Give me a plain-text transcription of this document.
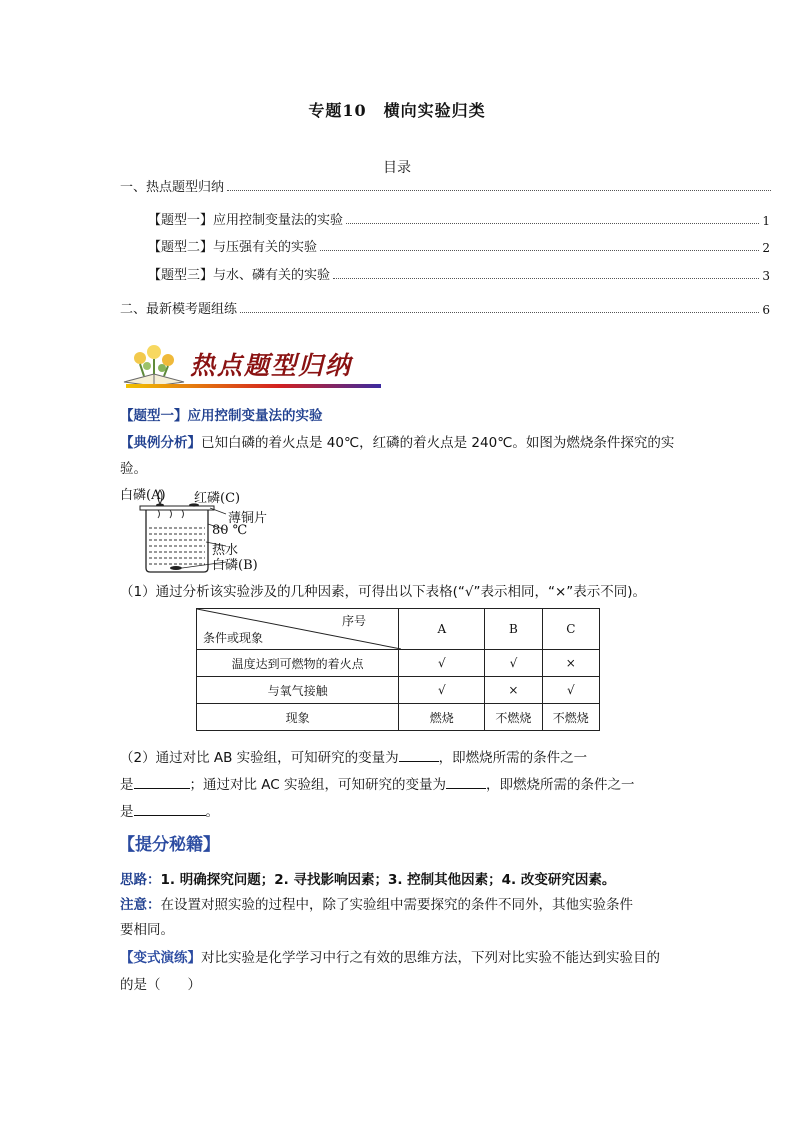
专题10　横向实验归类
目录
一、热点题型归纳
【题型一】应用控制变量法的实验	1
【题型二】与压强有关的实验	2
【题型三】与水、磷有关的实验	3
二、最新模考题组练	6
热点题型归纳
【题型一】应用控制变量法的实验
【典例分析】已知白磷的着火点是 40℃，红磷的着火点是 240℃。如图为燃烧条件探究的实
验。
白磷(A) 红磷(C)
薄铜片
80 ℃
热水
白磷(B)
（1）通过分析该实验涉及的几种因素，可得出以下表格(“√”表示相同，“×”表示不同)。
序号
条件或现象	A	B	C
温度达到可燃物的着火点	√	√	×
与氧气接触	√	×	√
现象	燃烧	不燃烧	不燃烧
（2）通过对比 AB 实验组，可知研究的变量为	，即燃烧所需的条件之一
是	；通过对比 AC 实验组，可知研究的变量为	，即燃烧所需的条件之一
是	。
【提分秘籍】
思路：1. 明确探究问题；2. 寻找影响因素；3. 控制其他因素；4. 改变研究因素。
注意：在设置对照实验的过程中，除了实验组中需要探究的条件不同外，其他实验条件
要相同。
【变式演练】对比实验是化学学习中行之有效的思维方法，下列对比实验不能达到实验目的
的是（　　）
